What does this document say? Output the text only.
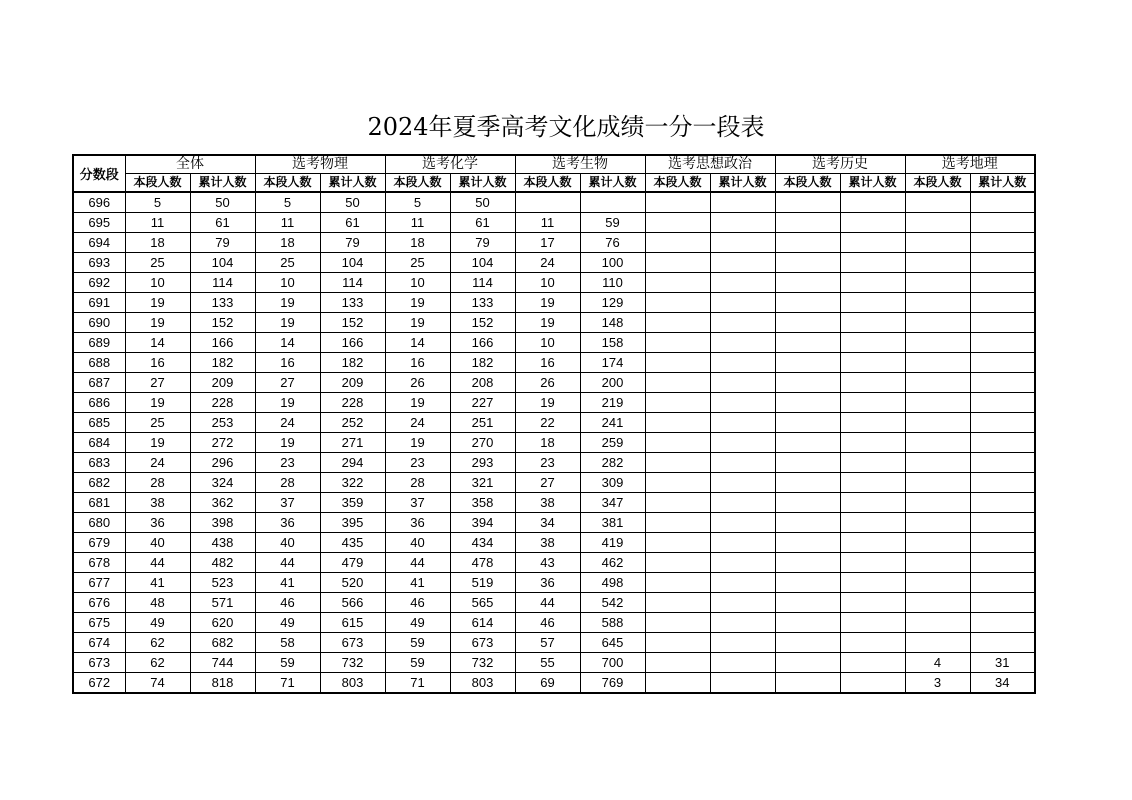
2024年夏季高考文化成绩一分一段表
分数段	全体		选考物理		选考化学		选考生物		选考思想政治		选考历史		选考地理	
	本段人数	累计人数	本段人数	累计人数	本段人数	累计人数	本段人数	累计人数	本段人数	累计人数	本段人数	累计人数	本段人数	累计人数
696	5	50	5	50	5	50								
695	11	61	11	61	11	61	11	59						
694	18	79	18	79	18	79	17	76						
693	25	104	25	104	25	104	24	100						
692	10	114	10	114	10	114	10	110						
691	19	133	19	133	19	133	19	129						
690	19	152	19	152	19	152	19	148						
689	14	166	14	166	14	166	10	158						
688	16	182	16	182	16	182	16	174						
687	27	209	27	209	26	208	26	200						
686	19	228	19	228	19	227	19	219						
685	25	253	24	252	24	251	22	241						
684	19	272	19	271	19	270	18	259						
683	24	296	23	294	23	293	23	282						
682	28	324	28	322	28	321	27	309						
681	38	362	37	359	37	358	38	347						
680	36	398	36	395	36	394	34	381						
679	40	438	40	435	40	434	38	419						
678	44	482	44	479	44	478	43	462						
677	41	523	41	520	41	519	36	498						
676	48	571	46	566	46	565	44	542						
675	49	620	49	615	49	614	46	588						
674	62	682	58	673	59	673	57	645						
673	62	744	59	732	59	732	55	700					4	31
672	74	818	71	803	71	803	69	769					3	34
